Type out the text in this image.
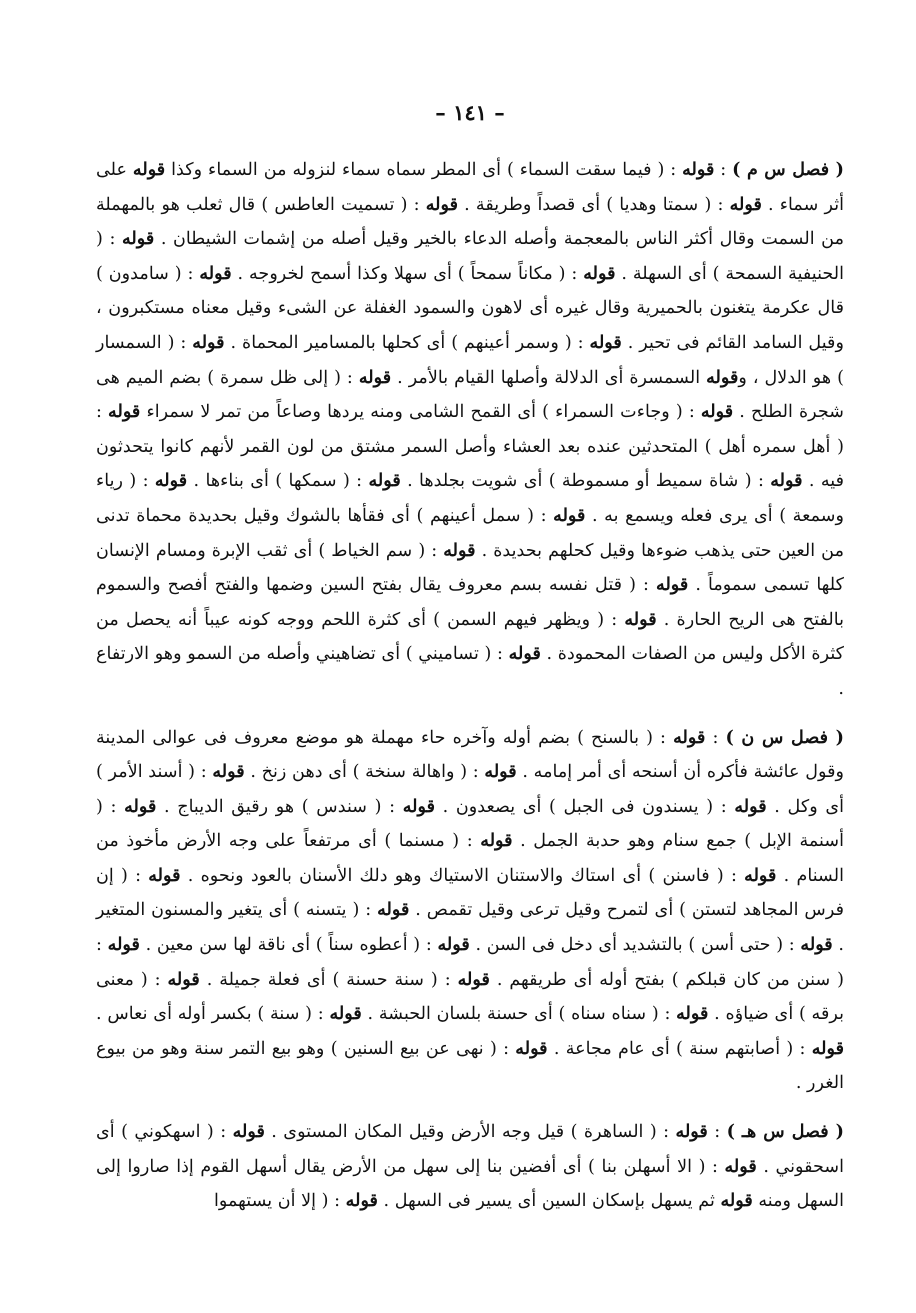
– ١٤١ –

( فصل س م ) : قوله : ( فيما سقت السماء ) أى المطر سماه سماء لنزوله من السماء وكذا قوله على أثر سماء . قوله : ( سمتا وهديا ) أى قصداً وطريقة . قوله : ( تسميت العاطس ) قال ثعلب هو بالمهملة من السمت وقال أكثر الناس بالمعجمة وأصله الدعاء بالخير وقيل أصله من إشمات الشيطان . قوله : ( الحنيفية السمحة ) أى السهلة . قوله : ( مكاناً سمحاً ) أى سهلا وكذا أسمح لخروجه . قوله : ( سامدون ) قال عكرمة يتغنون بالحميرية وقال غيره أى لاهون والسمود الغفلة عن الشىء وقيل معناه مستكبرون ، وقيل السامد القائم فى تحير . قوله : ( وسمر أعينهم ) أى كحلها بالمسامير المحماة . قوله : ( السمسار ) هو الدلال ، وقوله السمسرة أى الدلالة وأصلها القيام بالأمر . قوله : ( إلى ظل سمرة ) بضم الميم هى شجرة الطلح . قوله : ( وجاءت السمراء ) أى القمح الشامى ومنه يردها وصاعاً من تمر لا سمراء قوله : ( أهل سمره أهل ) المتحدثين عنده بعد العشاء وأصل السمر مشتق من لون القمر لأنهم كانوا يتحدثون فيه . قوله : ( شاة سميط أو مسموطة ) أى شويت بجلدها . قوله : ( سمكها ) أى بناءها . قوله : ( رياء وسمعة ) أى يرى فعله ويسمع به . قوله : ( سمل أعينهم ) أى فقأها بالشوك وقيل بحديدة محماة تدنى من العين حتى يذهب ضوءها وقيل كحلهم بحديدة . قوله : ( سم الخياط ) أى ثقب الإبرة ومسام الإنسان كلها تسمى سموماً . قوله : ( قتل نفسه بسم معروف يقال بفتح السين وضمها والفتح أفصح والسموم بالفتح هى الريح الحارة . قوله : ( ويظهر فيهم السمن ) أى كثرة اللحم ووجه كونه عيباً أنه يحصل من كثرة الأكل وليس من الصفات المحمودة . قوله : ( تساميني ) أى تضاهيني وأصله من السمو وهو الارتفاع .

( فصل س ن ) : قوله : ( بالسنح ) بضم أوله وآخره حاء مهملة هو موضع معروف فى عوالى المدينة وقول عائشة فأكره أن أسنحه أى أمر إمامه . قوله : ( واهالة سنخة ) أى دهن زنخ . قوله : ( أسند الأمر ) أى وكل . قوله : ( يسندون فى الجبل ) أى يصعدون . قوله : ( سندس ) هو رقيق الديباج . قوله : ( أسنمة الإبل ) جمع سنام وهو حدبة الجمل . قوله : ( مسنما ) أى مرتفعاً على وجه الأرض مأخوذ من السنام . قوله : ( فاسنن ) أى استاك والاستنان الاستياك وهو دلك الأسنان بالعود ونحوه . قوله : ( إن فرس المجاهد لتستن ) أى لتمرح وقيل ترعى وقيل تقمص . قوله : ( يتسنه ) أى يتغير والمسنون المتغير . قوله : ( حتى أسن ) بالتشديد أى دخل فى السن . قوله : ( أعطوه سناً ) أى ناقة لها سن معين . قوله : ( سنن من كان قبلكم ) بفتح أوله أى طريقهم . قوله : ( سنة حسنة ) أى فعلة جميلة . قوله : ( معنى برقه ) أى ضياؤه . قوله : ( سناه سناه ) أى حسنة بلسان الحبشة . قوله : ( سنة ) بكسر أوله أى نعاس . قوله : ( أصابتهم سنة ) أى عام مجاعة . قوله : ( نهى عن بيع السنين ) وهو بيع التمر سنة وهو من بيوع الغرر .

( فصل س هـ ) : قوله : ( الساهرة ) قيل وجه الأرض وقيل المكان المستوى . قوله : ( اسهكوني ) أى اسحقوني . قوله : ( الا أسهلن بنا ) أى أفضين بنا إلى سهل من الأرض يقال أسهل القوم إذا صاروا إلى السهل ومنه قوله ثم يسهل بإسكان السين أى يسير فى السهل . قوله : ( إلا أن يستهموا
